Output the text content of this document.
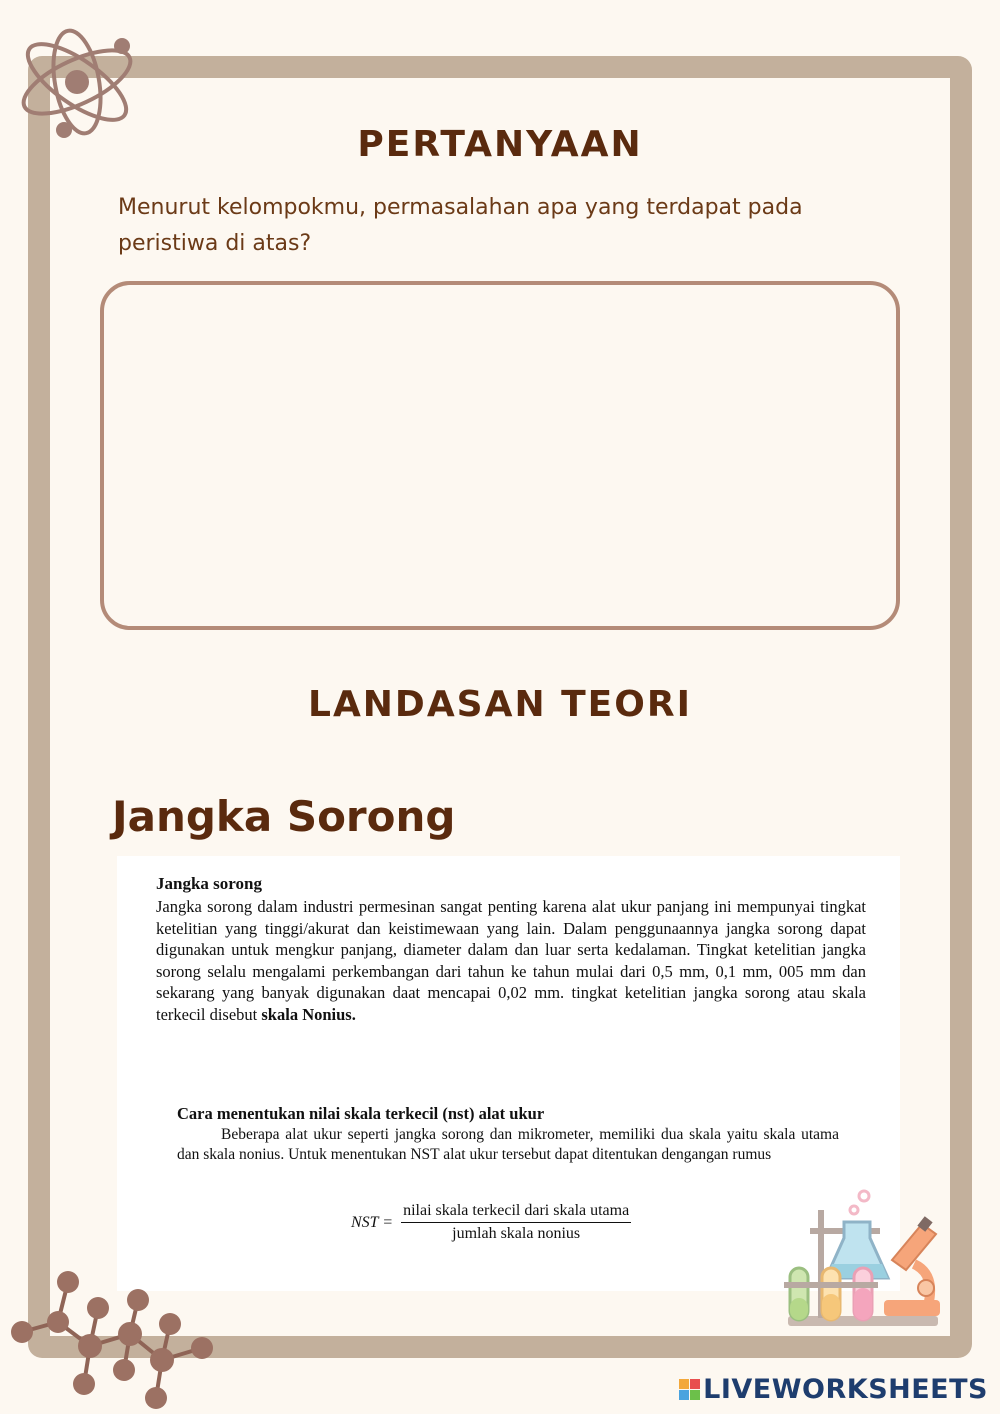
PERTANYAAN
Menurut kelompokmu, permasalahan apa yang terdapat pada peristiwa di atas?
LANDASAN TEORI
Jangka Sorong
Jangka sorong
Jangka sorong dalam industri permesinan sangat penting karena alat ukur panjang ini mempunyai tingkat ketelitian yang tinggi/akurat dan keistimewaan yang lain. Dalam penggunaannya jangka sorong dapat digunakan untuk mengkur panjang, diameter dalam dan luar serta kedalaman. Tingkat ketelitian jangka sorong selalu mengalami perkembangan dari tahun ke tahun mulai dari 0,5 mm, 0,1 mm, 005 mm dan sekarang yang banyak digunakan daat mencapai 0,02 mm. tingkat ketelitian jangka sorong atau skala terkecil disebut skala Nonius.
Cara menentukan nilai skala terkecil (nst) alat ukur
Beberapa alat ukur seperti jangka sorong dan mikrometer, memiliki dua skala yaitu skala utama dan skala nonius. Untuk menentukan NST alat ukur tersebut dapat ditentukan dengangan rumus
NST = $\frac{\text{nilai skala terkecil dari skala utama}}{\text{jumlah skala nonius}}$
LIVEWORKSHEETS
